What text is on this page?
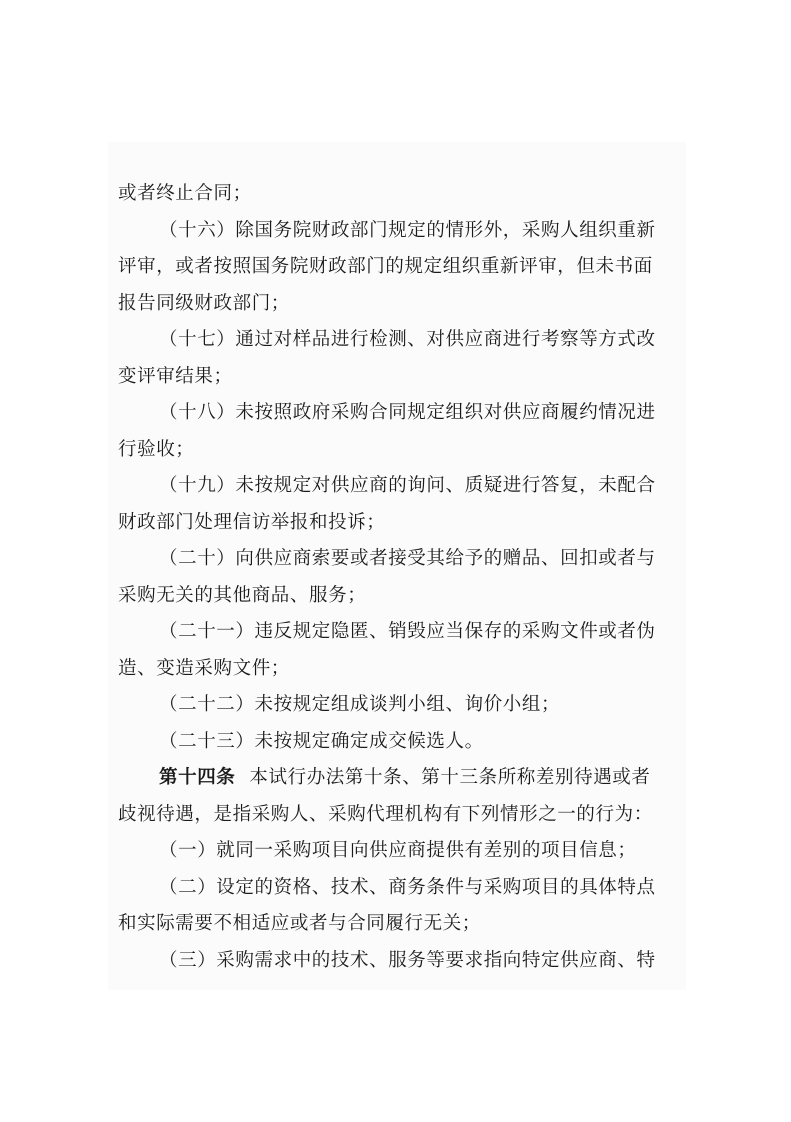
或者终止合同；
（十六）除国务院财政部门规定的情形外，采购人组织重新
评审，或者按照国务院财政部门的规定组织重新评审，但未书面
报告同级财政部门；
（十七）通过对样品进行检测、对供应商进行考察等方式改
变评审结果；
（十八）未按照政府采购合同规定组织对供应商履约情况进
行验收；
（十九）未按规定对供应商的询问、质疑进行答复，未配合
财政部门处理信访举报和投诉；
（二十）向供应商索要或者接受其给予的赠品、回扣或者与
采购无关的其他商品、服务；
（二十一）违反规定隐匿、销毁应当保存的采购文件或者伪
造、变造采购文件；
（二十二）未按规定组成谈判小组、询价小组；
（二十三）未按规定确定成交候选人。
第十四条 本试行办法第十条、第十三条所称差别待遇或者
歧视待遇，是指采购人、采购代理机构有下列情形之一的行为：
（一）就同一采购项目向供应商提供有差别的项目信息；
（二）设定的资格、技术、商务条件与采购项目的具体特点
和实际需要不相适应或者与合同履行无关；
（三）采购需求中的技术、服务等要求指向特定供应商、特
